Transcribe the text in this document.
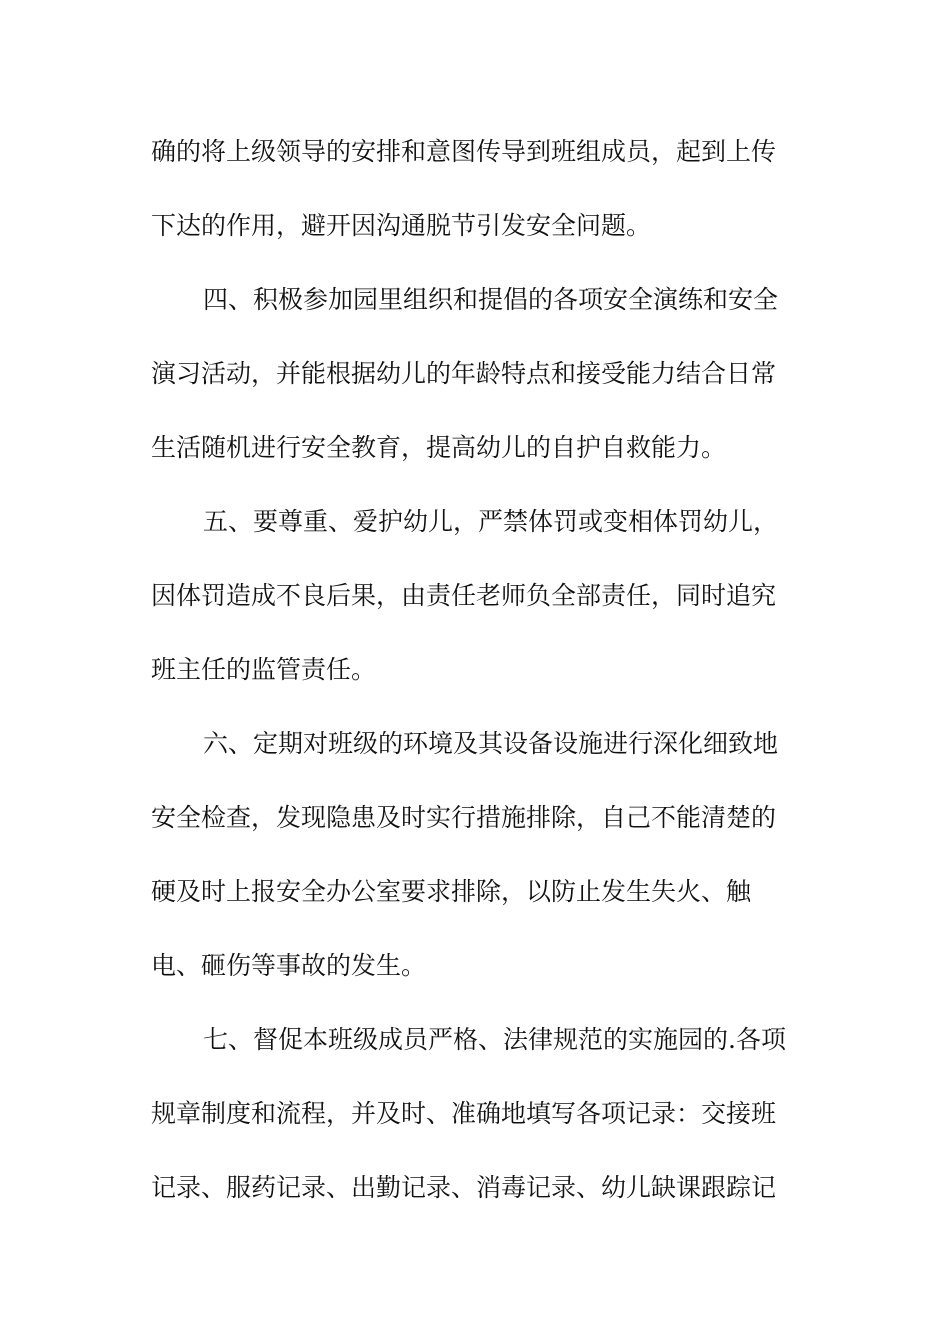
确的将上级领导的安排和意图传导到班组成员，起到上传
下达的作用，避开因沟通脱节引发安全问题。
四、积极参加园里组织和提倡的各项安全演练和安全
演习活动，并能根据幼儿的年龄特点和接受能力结合日常
生活随机进行安全教育，提高幼儿的自护自救能力。
五、要尊重、爱护幼儿，严禁体罚或变相体罚幼儿，
因体罚造成不良后果，由责任老师负全部责任，同时追究
班主任的监管责任。
六、定期对班级的环境及其设备设施进行深化细致地
安全检查，发现隐患及时实行措施排除，自己不能清楚的
硬及时上报安全办公室要求排除，以防止发生失火、触
电、砸伤等事故的发生。
七、督促本班级成员严格、法律规范的实施园的.各项
规章制度和流程，并及时、准确地填写各项记录：交接班
记录、服药记录、出勤记录、消毒记录、幼儿缺课跟踪记
